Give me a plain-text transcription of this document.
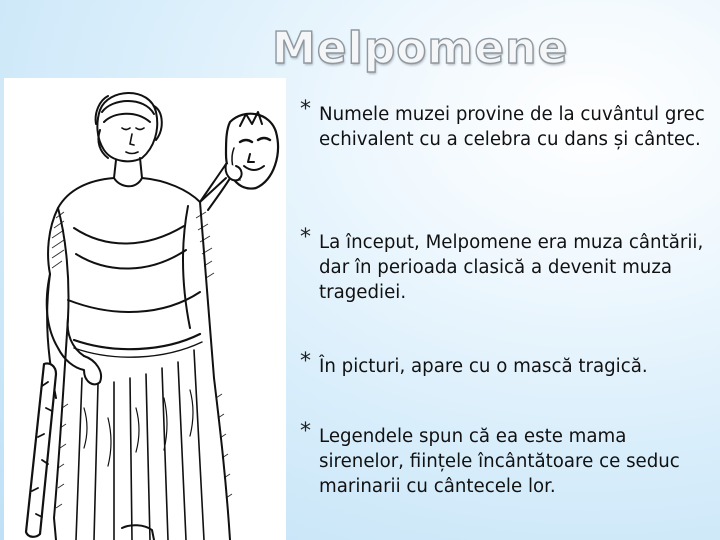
Melpomene
* Numele muzei provine de la cuvântul grec echivalent cu a celebra cu dans și cântec.
* La început, Melpomene era muza cântării, dar în perioada clasică a devenit muza tragediei.
* În picturi, apare cu o mască tragică.
* Legendele spun că ea este mama sirenelor, ființele încântătoare ce seduc marinarii cu cântecele lor.
